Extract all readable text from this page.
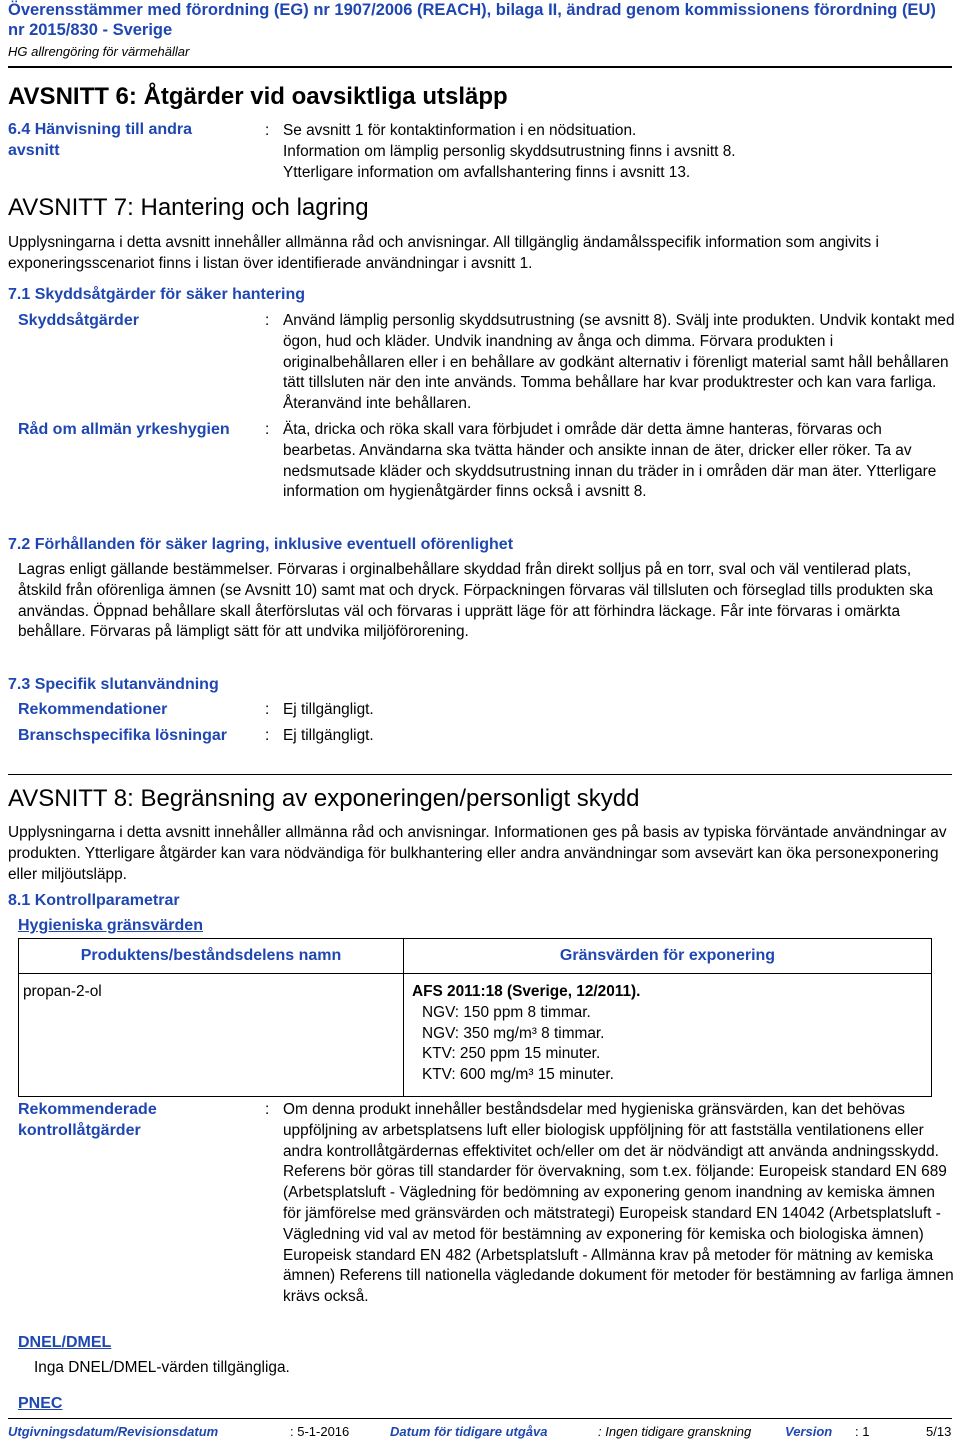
Överensstämmer med förordning (EG) nr 1907/2006 (REACH), bilaga II, ändrad genom kommissionens förordning (EU) nr 2015/830 - Sverige
HG allrengöring för värmehällar
AVSNITT 6: Åtgärder vid oavsiktliga utsläpp
6.4 Hänvisning till andra avsnitt
: Se avsnitt 1 för kontaktinformation i en nödsituation.
Information om lämplig personlig skyddsutrustning finns i avsnitt 8.
Ytterligare information om avfallshantering finns i avsnitt 13.
AVSNITT 7: Hantering och lagring
Upplysningarna i detta avsnitt innehåller allmänna råd och anvisningar. All tillgänglig ändamålsspecifik information som angivits i exponeringsscenariot finns i listan över identifierade användningar i avsnitt 1.
7.1 Skyddsåtgärder för säker hantering
Skyddsåtgärder	: Använd lämplig personlig skyddsutrustning (se avsnitt 8). Svälj inte produkten. Undvik kontakt med ögon, hud och kläder. Undvik inandning av ånga och dimma. Förvara produkten i originalbehållaren eller i en behållare av godkänt alternativ i förenligt material samt håll behållaren tätt tillsluten när den inte används. Tomma behållare har kvar produktrester och kan vara farliga. Återanvänd inte behållaren.
Råd om allmän yrkeshygien : Äta, dricka och röka skall vara förbjudet i område där detta ämne hanteras, förvaras och bearbetas. Användarna ska tvätta händer och ansikte innan de äter, dricker eller röker. Ta av nedsmutsade kläder och skyddsutrustning innan du träder in i områden där man äter. Ytterligare information om hygienåtgärder finns också i avsnitt 8.
7.2 Förhållanden för säker lagring, inklusive eventuell oförenlighet
Lagras enligt gällande bestämmelser. Förvaras i orginalbehållare skyddad från direkt solljus på en torr, sval och väl ventilerad plats, åtskild från oförenliga ämnen (se Avsnitt 10) samt mat och dryck. Förpackningen förvaras väl tillsluten och förseglad tills produkten ska användas. Öppnad behållare skall återförslutas väl och förvaras i upprätt läge för att förhindra läckage. Får inte förvaras i omärkta behållare. Förvaras på lämpligt sätt för att undvika miljöförorening.
7.3 Specifik slutanvändning
Rekommendationer	: Ej tillgängligt.
Branschspecifika lösningar : Ej tillgängligt.
AVSNITT 8: Begränsning av exponeringen/personligt skydd
Upplysningarna i detta avsnitt innehåller allmänna råd och anvisningar. Informationen ges på basis av typiska förväntade användningar av produkten. Ytterligare åtgärder kan vara nödvändiga för bulkhantering eller andra användningar som avsevärt kan öka personexponering eller miljöutsläpp.
8.1 Kontrollparametrar
Hygieniska gränsvärden
Produktens/beståndsdelens namn	Gränsvärden för exponering
propan-2-ol	AFS 2011:18 (Sverige, 12/2011).
NGV: 150 ppm 8 timmar.
NGV: 350 mg/m³ 8 timmar.
KTV: 250 ppm 15 minuter.
KTV: 600 mg/m³ 15 minuter.
Rekommenderade kontrollåtgärder
: Om denna produkt innehåller beståndsdelar med hygieniska gränsvärden, kan det behövas uppföljning av arbetsplatsens luft eller biologisk uppföljning för att fastställa ventilationens eller andra kontrollåtgärdernas effektivitet och/eller om det är nödvändigt att använda andningsskydd. Referens bör göras till standarder för övervakning, som t.ex. följande: Europeisk standard EN 689 (Arbetsplatsluft - Vägledning för bedömning av exponering genom inandning av kemiska ämnen för jämförelse med gränsvärden och mätstrategi) Europeisk standard EN 14042 (Arbetsplatsluft - Vägledning vid val av metod för bestämning av exponering för kemiska och biologiska ämnen) Europeisk standard EN 482 (Arbetsplatsluft - Allmänna krav på metoder för mätning av kemiska ämnen) Referens till nationella vägledande dokument för metoder för bestämning av farliga ämnen krävs också.
DNEL/DMEL
Inga DNEL/DMEL-värden tillgängliga.
PNEC
Utgivningsdatum/Revisionsdatum	: 5-1-2016	Datum för tidigare utgåva	: Ingen tidigare granskning	Version : 1	5/13
